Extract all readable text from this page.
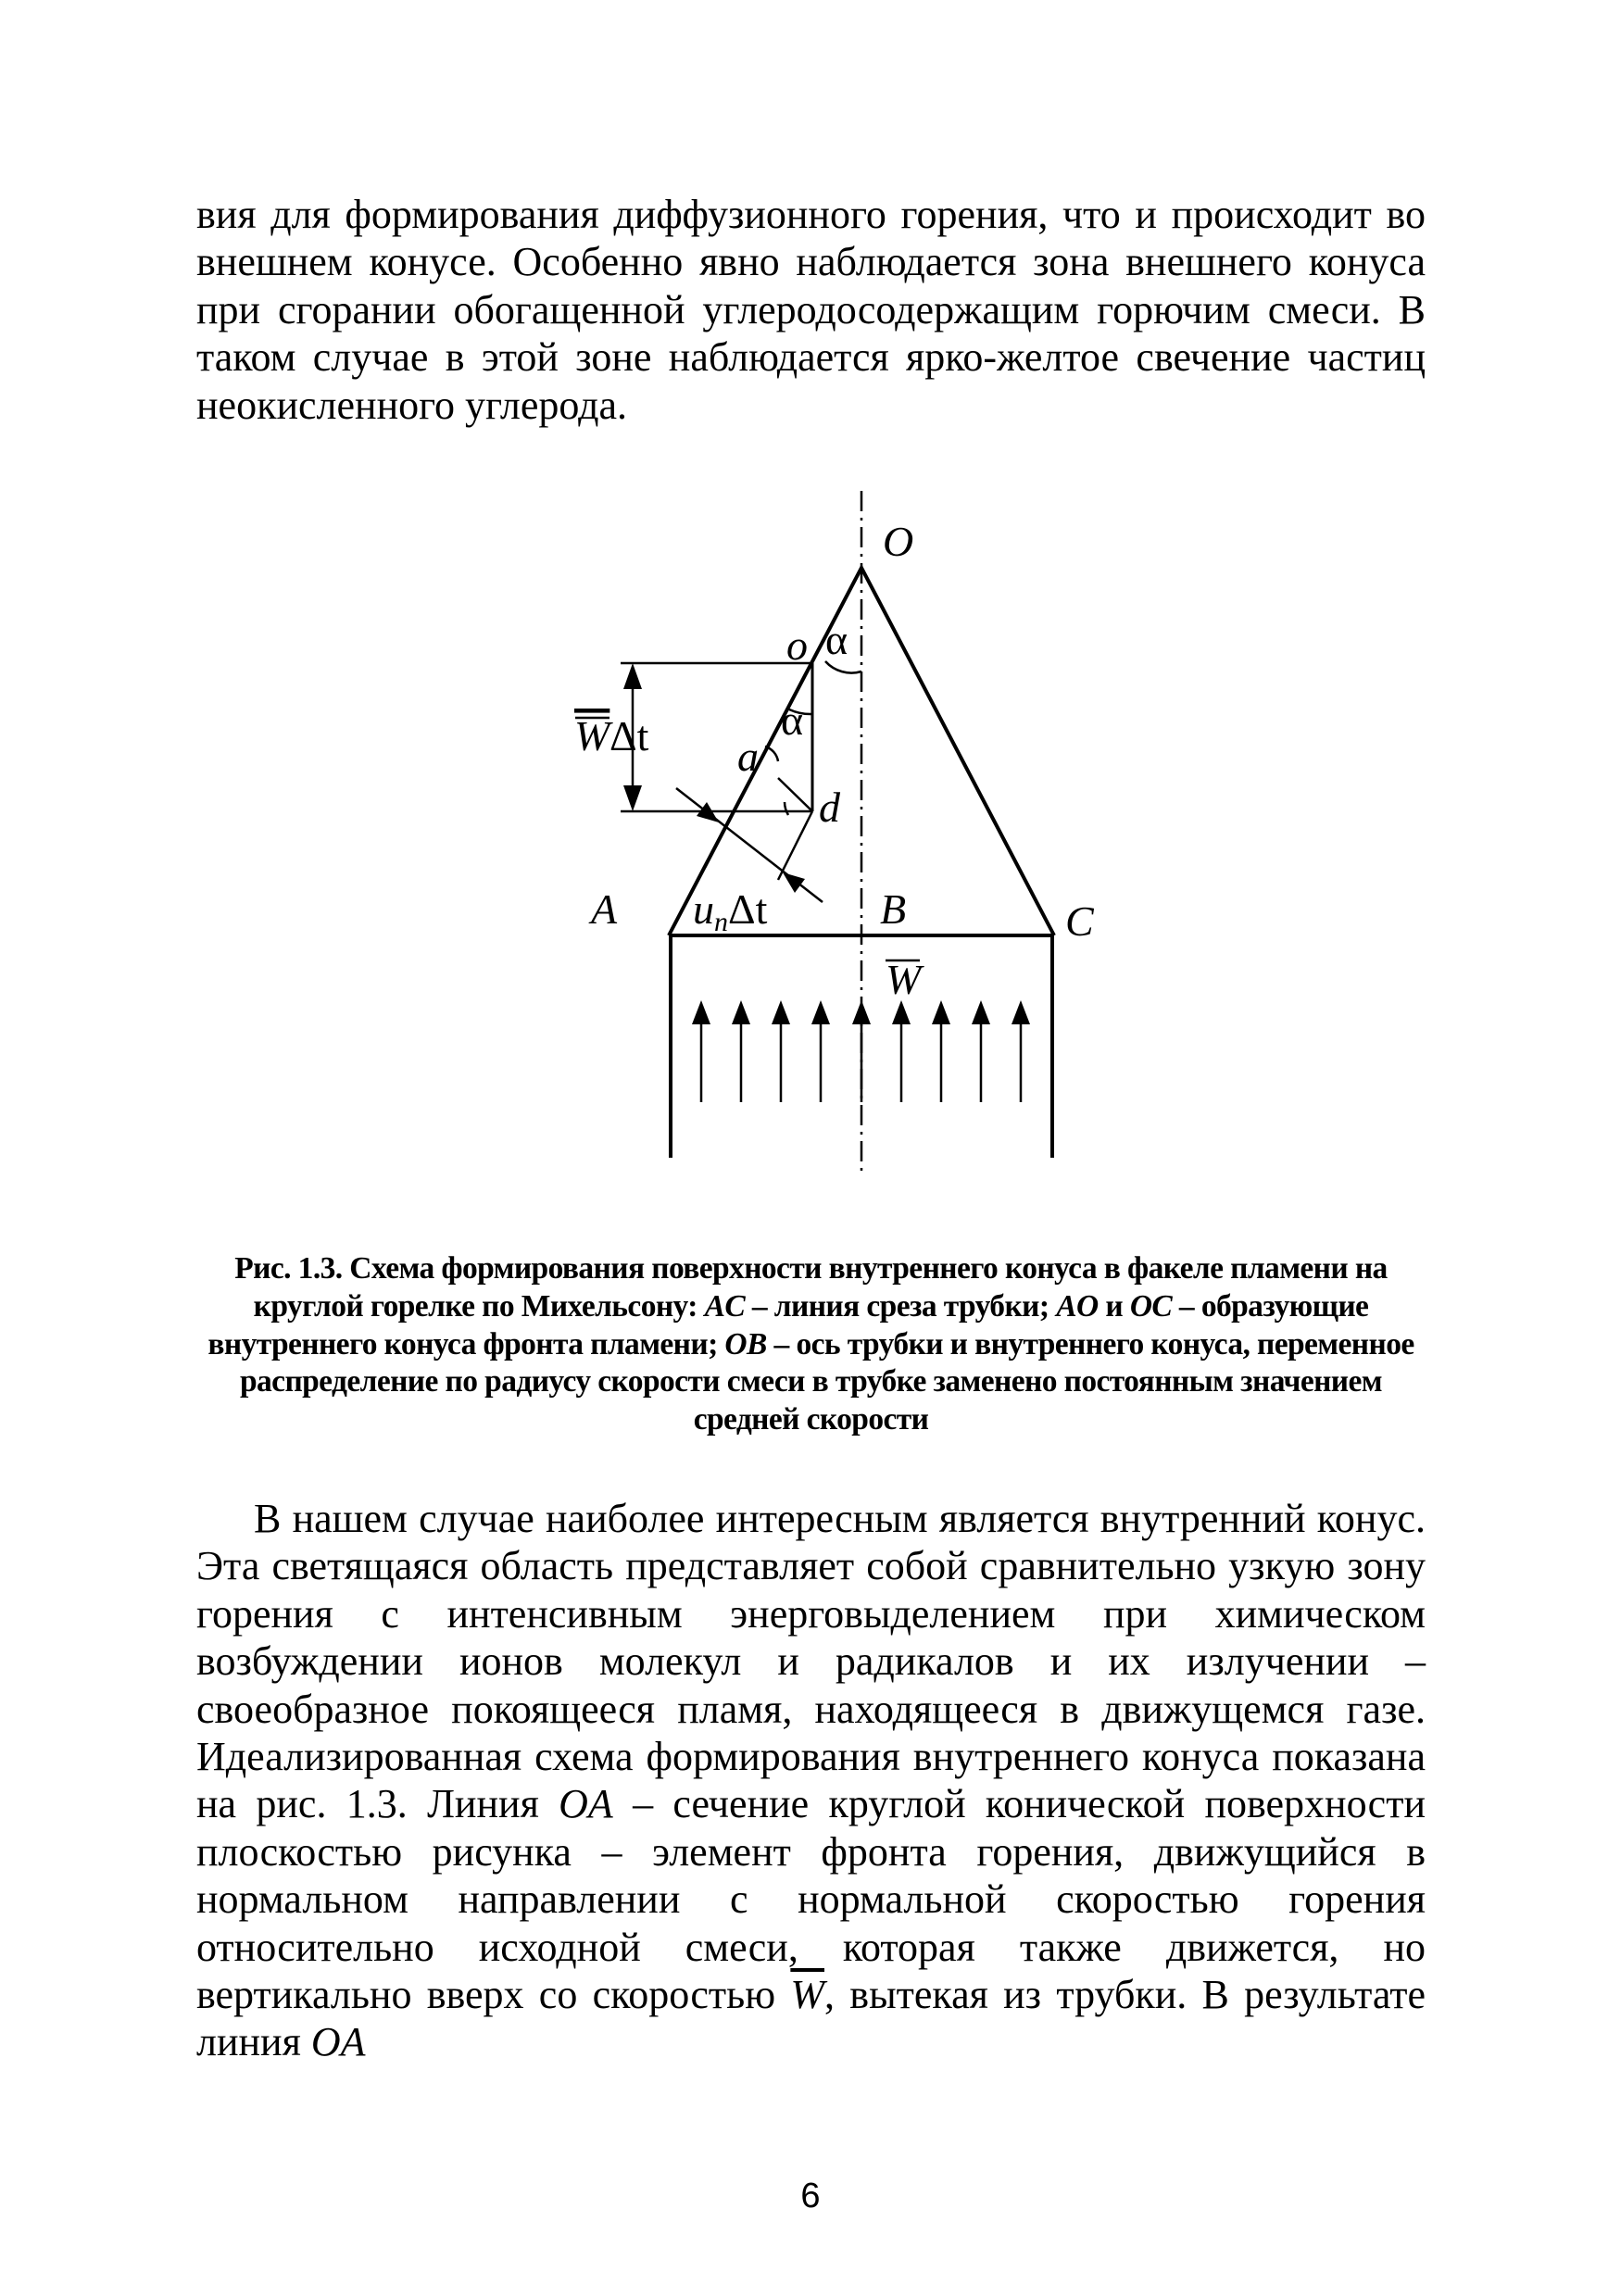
вия для формирования диффузионного горения, что и происходит во внешнем конусе. Особенно явно наблюдается зона внешнего конуса при сгорании обогащенной углеродосодержащим горючим смеси. В таком случае в этой зоне наблюдается ярко-желтое свечение частиц неокисленного углерода.

O
o α
α
a
d
W Δt
A	B	C
unΔt
W

Рис. 1.3. Схема формирования поверхности внутреннего конуса в факеле пламени на круглой горелке по Михельсону: AC – линия среза трубки; AO и OC – образующие внутреннего конуса фронта пламени; OB – ось трубки и внутреннего конуса, переменное распределение по радиусу скорости смеси в трубке заменено постоянным значением средней скорости

В нашем случае наиболее интересным является внутренний конус. Эта светящаяся область представляет собой сравнительно узкую зону горения с интенсивным энерговыделением при химическом возбуждении ионов молекул и радикалов и их излучении – своеобразное покоящееся пламя, находящееся в движущемся газе. Идеализированная схема формирования внутреннего конуса показана на рис. 1.3. Линия OA – сечение круглой конической поверхности плоскостью рисунка – элемент фронта горения, движущийся в нормальном направлении с нормальной скоростью горения относительно исходной смеси, которая также движется, но вертикально вверх со скоростью $\overline{W}$, вытекая из трубки. В результате линия OA

6
